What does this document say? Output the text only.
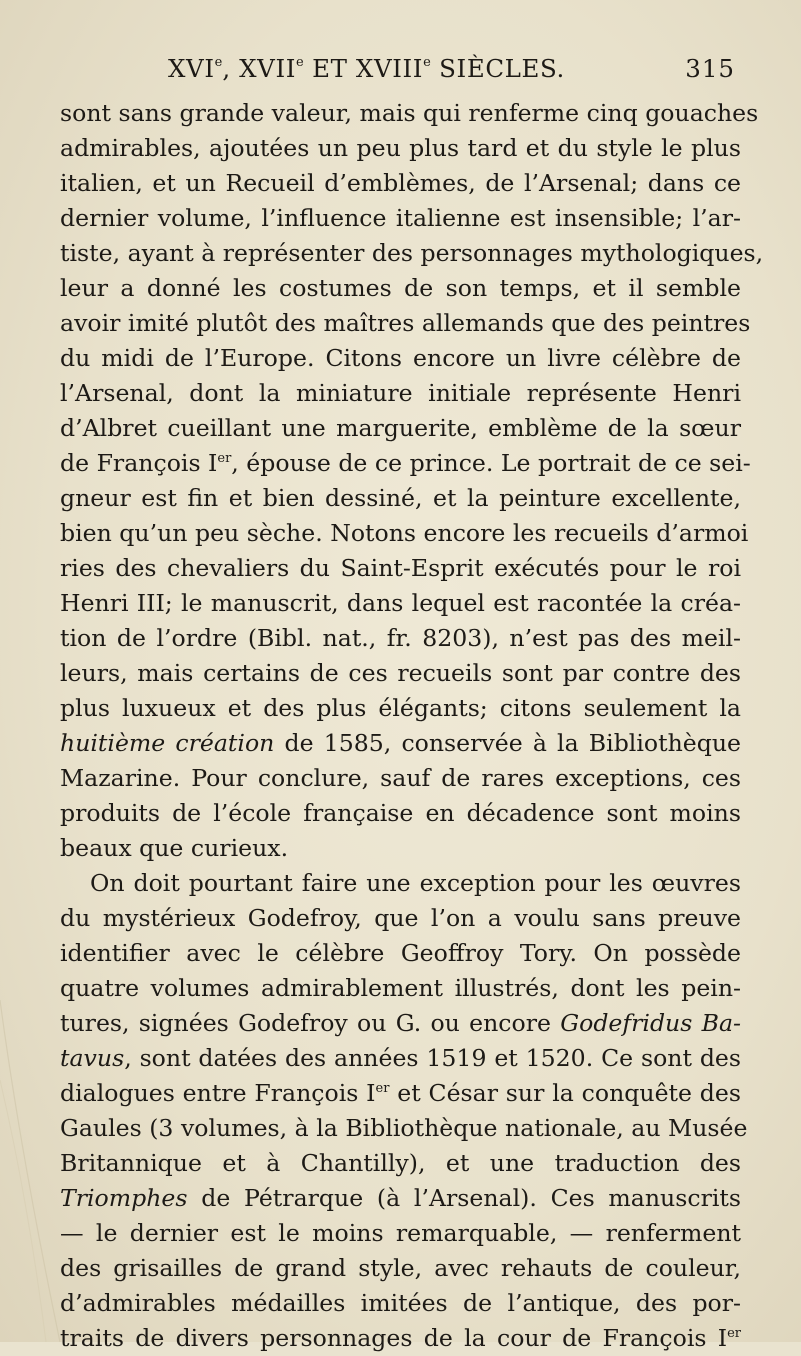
XVIe, XVIIe ET XVIIIe SIÈCLES.	315
sont sans grande valeur, mais qui renferme cinq gouaches
admirables, ajoutées un peu plus tard et du style le plus
italien, et un Recueil d’emblèmes, de l’Arsenal; dans ce
dernier volume, l’influence italienne est insensible; l’ar-
tiste, ayant à représenter des personnages mythologiques,
leur a donné les costumes de son temps, et il semble
avoir imité plutôt des maîtres allemands que des peintres
du midi de l’Europe. Citons encore un livre célèbre de
l’Arsenal, dont la miniature initiale représente Henri
d’Albret cueillant une marguerite, emblème de la sœur
de François Ier, épouse de ce prince. Le portrait de ce sei-
gneur est fin et bien dessiné, et la peinture excellente,
bien qu’un peu sèche. Notons encore les recueils d’armoi
ries des chevaliers du Saint-Esprit exécutés pour le roi
Henri III; le manuscrit, dans lequel est racontée la créa-
tion de l’ordre (Bibl. nat., fr. 8203), n’est pas des meil-
leurs, mais certains de ces recueils sont par contre des
plus luxueux et des plus élégants; citons seulement la
huitième création de 1585, conservée à la Bibliothèque
Mazarine. Pour conclure, sauf de rares exceptions, ces
produits de l’école française en décadence sont moins
beaux que curieux.
On doit pourtant faire une exception pour les œuvres
du mystérieux Godefroy, que l’on a voulu sans preuve
identifier avec le célèbre Geoffroy Tory. On possède
quatre volumes admirablement illustrés, dont les pein-
tures, signées Godefroy ou G. ou encore Godefridus Ba-
tavus, sont datées des années 1519 et 1520. Ce sont des
dialogues entre François Ier et César sur la conquête des
Gaules (3 volumes, à la Bibliothèque nationale, au Musée
Britannique et à Chantilly), et une traduction des
Triomphes de Pétrarque (à l’Arsenal). Ces manuscrits
— le dernier est le moins remarquable, — renferment
des grisailles de grand style, avec rehauts de couleur,
d’admirables médailles imitées de l’antique, des por-
traits de divers personnages de la cour de François Ier
